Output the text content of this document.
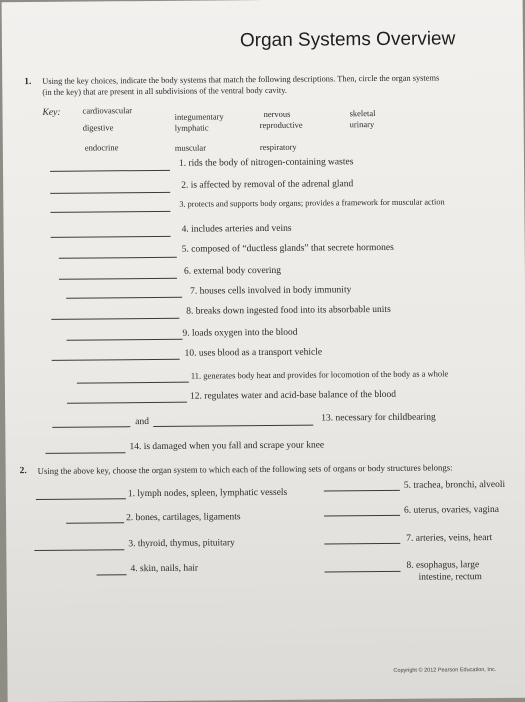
Organ Systems Overview
1. Using the key choices, indicate the body systems that match the following descriptions. Then, circle the organ systems
(in the key) that are present in all subdivisions of the ventral body cavity.
Key:	cardiovascular
digestive
integumentary
lymphatic
nervous
reproductive
skeletal
urinary
endocrine	muscular	respiratory
1. rids the body of nitrogen-containing wastes
2. is affected by removal of the adrenal gland
3. protects and supports body organs; provides a framework for muscular action
4. includes arteries and veins
5. composed of “ductless glands” that secrete hormones
6. external body covering
7. houses cells involved in body immunity
8. breaks down ingested food into its absorbable units
9. loads oxygen into the blood
10. uses blood as a transport vehicle
11. generates body heat and provides for locomotion of the body as a whole
12. regulates water and acid-base balance of the blood
and	13. necessary for childbearing
14. is damaged when you fall and scrape your knee
2. Using the above key, choose the organ system to which each of the following sets of organs or body structures belongs:
1. lymph nodes, spleen, lymphatic vessels
2. bones, cartilages, ligaments
3. thyroid, thymus, pituitary
4. skin, nails, hair
5. trachea, bronchi, alveoli
6. uterus, ovaries, vagina
7. arteries, veins, heart
8. esophagus, large
intestine, rectum
Copyright © 2012 Pearson Education, Inc.
